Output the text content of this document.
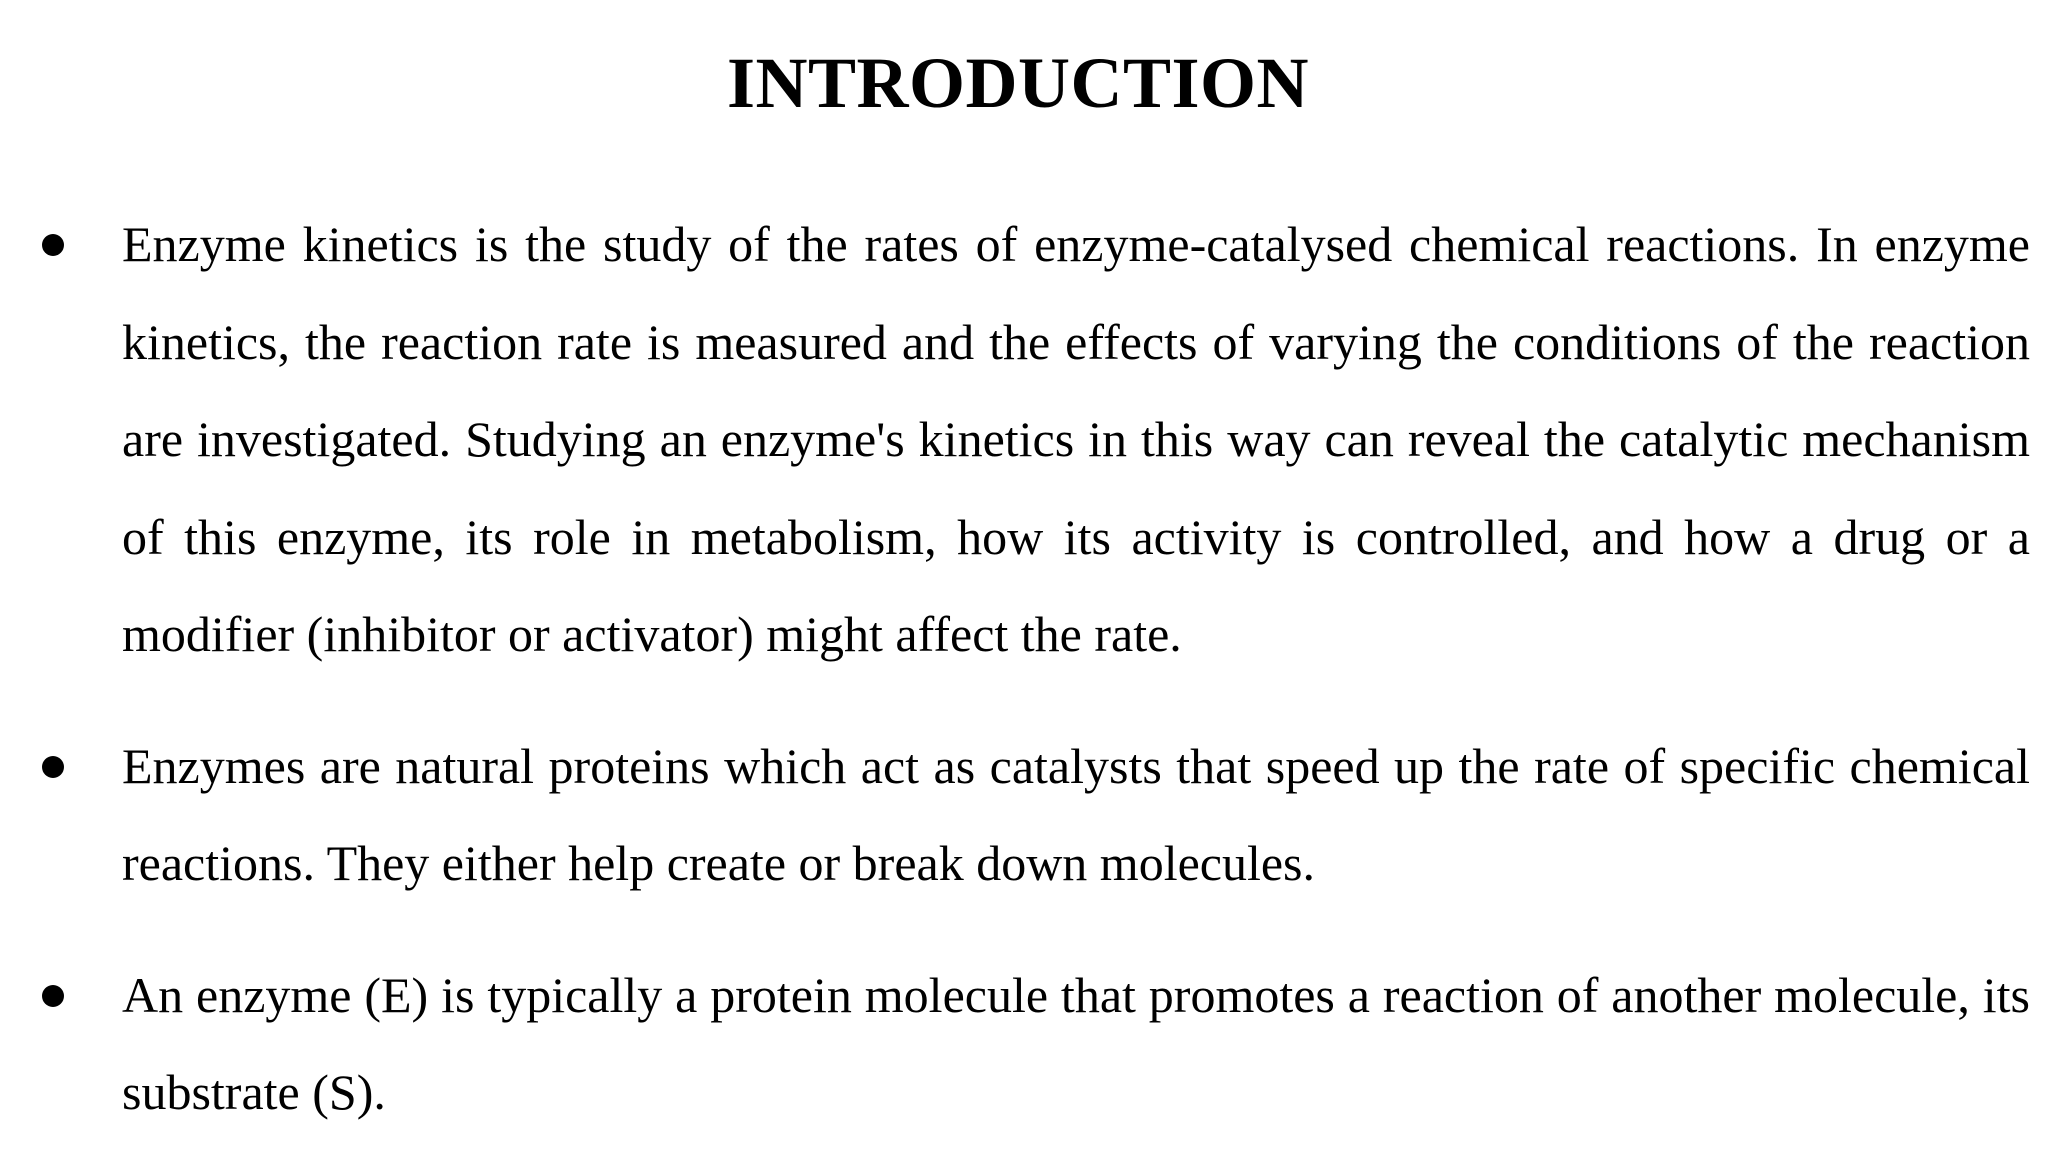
INTRODUCTION

Enzyme kinetics is the study of the rates of enzyme-catalysed chemical reactions. In enzyme kinetics, the reaction rate is measured and the effects of varying the conditions of the reaction are investigated. Studying an enzyme's kinetics in this way can reveal the catalytic mechanism of this enzyme, its role in metabolism, how its activity is controlled, and how a drug or a modifier (inhibitor or activator) might affect the rate.

Enzymes are natural proteins which act as catalysts that speed up the rate of specific chemical reactions. They either help create or break down molecules.

An enzyme (E) is typically a protein molecule that promotes a reaction of another molecule, its substrate (S).
